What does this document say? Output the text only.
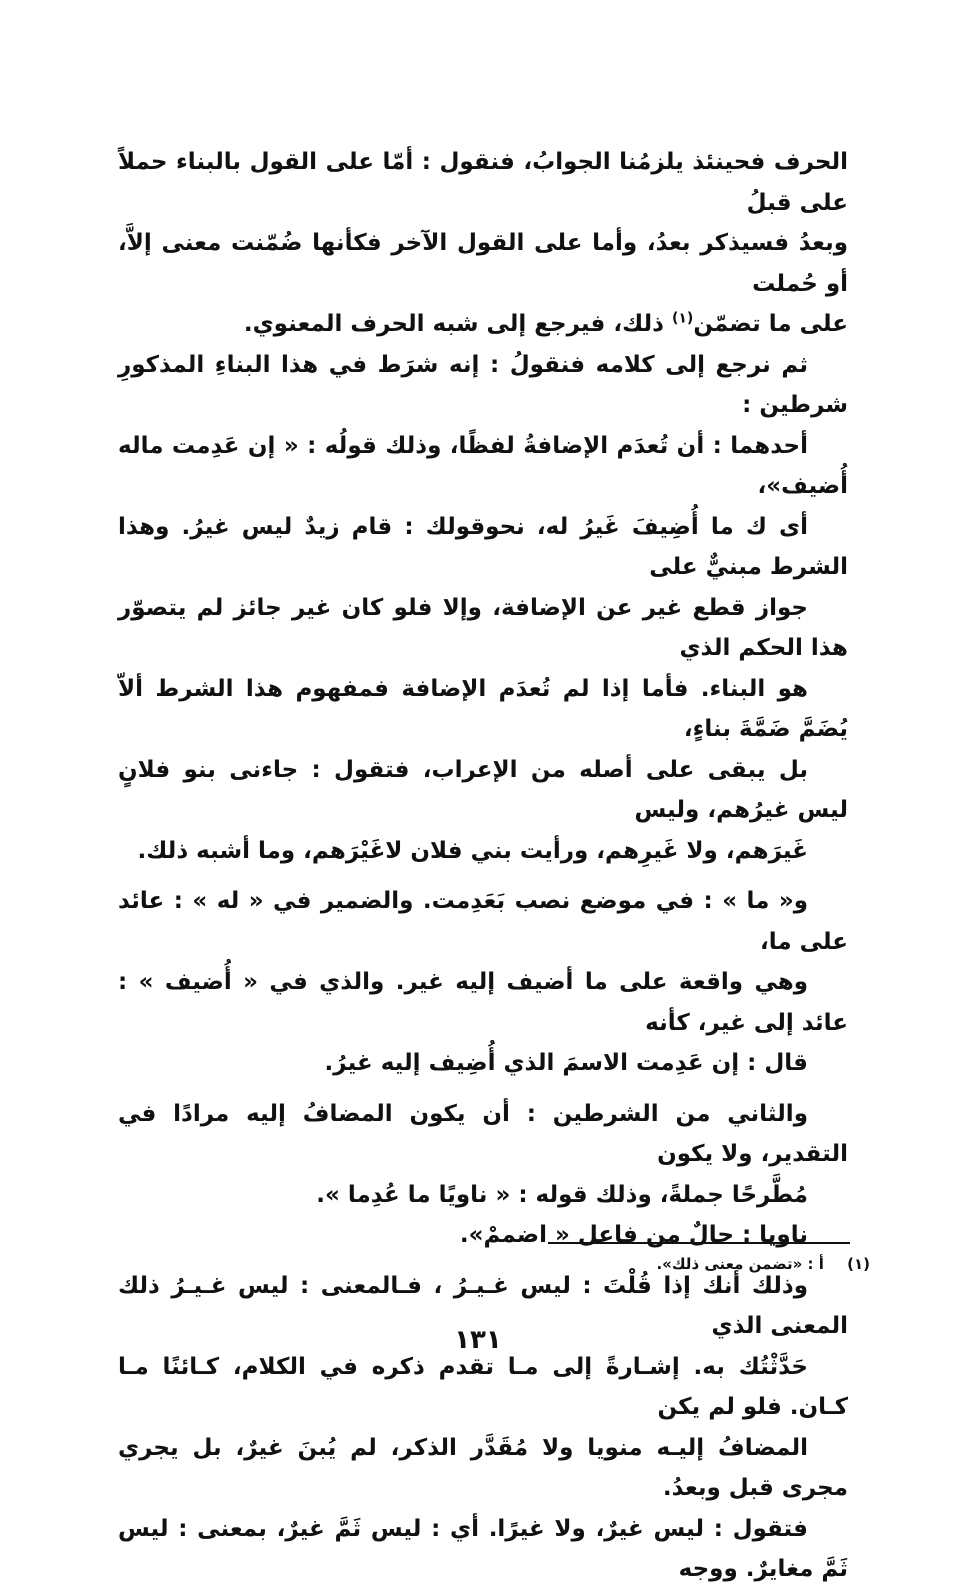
الحرف فحينئذ يلزمُنا الجوابُ، فنقول : أمّا على القول بالبناء حملاً على قبلُ
وبعدُ فسيذكر بعدُ، وأما على القول الآخر فكأنها ضُمّنت معنى إلاَّ، أو حُملت
على ما تضمّن$^{(١)}$ ذلك، فيرجع إلى شبه الحرف المعنوي.

ثم نرجع إلى كلامه فنقولُ : إنه شرَط في هذا البناءِ المذكورِ شرطين :

أحدهما : أن تُعدَم الإضافةُ لفظًا، وذلك قولُه : « إن عَدِمت ماله أُضيف»،
أى ك ما أُضِيفَ غَيرُ له، نحوقولك : قام زيدٌ ليس غيرُ. وهذا الشرط مبنيٌّ على
جواز قطع غير عن الإضافة، وإلا فلو كان غير جائز لم يتصوّر هذا الحكم الذي
هو البناء. فأما إذا لم تُعدَم الإضافة فمفهوم هذا الشرط ألاّ يُضَمَّ ضَمَّةَ بناءٍ،
بل يبقى على أصله من الإعراب، فتقول : جاءنى بنو فلانٍ ليس غيرُهم، وليس
غَيرَهم، ولا غَيرِهم، ورأيت بني فلان لاغَيْرَهم، وما أشبه ذلك.

و« ما » : في موضع نصب بَعَدِمت. والضمير في « له » : عائد على ما،
وهي واقعة على ما أضيف إليه غير. والذي في « أُضيف » : عائد إلى غير، كأنه
قال : إن عَدِمت الاسمَ الذي أُضِيف إليه غيرُ.

والثاني من الشرطين : أن يكون المضافُ إليه مرادًا في التقدير، ولا يكون
مُطَّرحًا جملةً، وذلك قوله : « ناويًا ما عُدِما ».

ناويا : حالٌ من فاعل « اضممْ».

وذلك أنك إذا قُلْتَ : ليس غـيـرُ ، فـالمعنى : ليس غـيـرُ ذلك المعنى الذي
حَدَّثْتُك به. إشـارةً إلى مـا تقدم ذكره في الكلام، كـائنًا مـا كـان. فلو لم يكن
المضافُ إليـه منويا ولا مُقَدَّر الذكر، لم يُبنَ غيرٌ، بل يجري مجرى قبل وبعدُ.
فتقول : ليس غيرٌ، ولا غيرًا. أي : ليس ثَمَّ غيرٌ، بمعنى : ليس ثَمَّ مغايرٌ. ووجه

(١) أ : «تضمن معنى ذلك».
١٣١
